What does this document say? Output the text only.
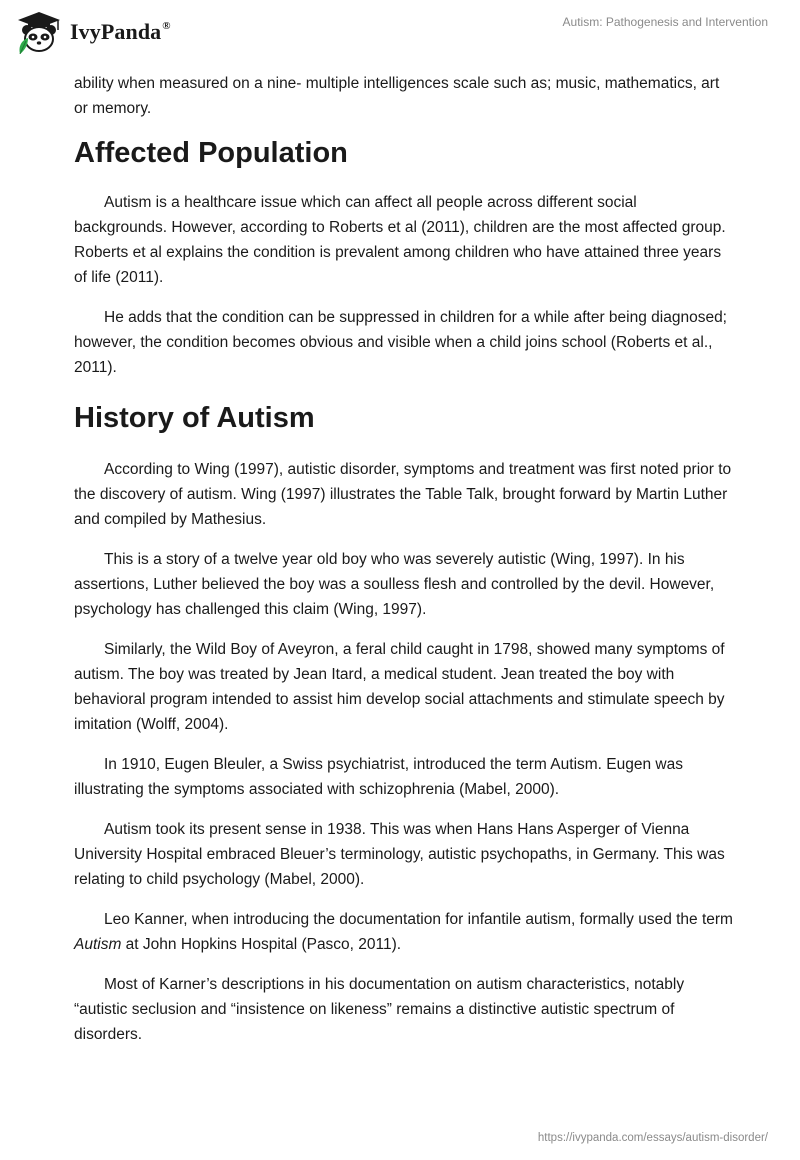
IvyPanda®	Autism: Pathogenesis and Intervention

ability when measured on a nine- multiple intelligences scale such as; music, mathematics, art or memory.

Affected Population

Autism is a healthcare issue which can affect all people across different social backgrounds. However, according to Roberts et al (2011), children are the most affected group. Roberts et al explains the condition is prevalent among children who have attained three years of life (2011).

He adds that the condition can be suppressed in children for a while after being diagnosed; however, the condition becomes obvious and visible when a child joins school (Roberts et al., 2011).

History of Autism

According to Wing (1997), autistic disorder, symptoms and treatment was first noted prior to the discovery of autism. Wing (1997) illustrates the Table Talk, brought forward by Martin Luther and compiled by Mathesius.

This is a story of a twelve year old boy who was severely autistic (Wing, 1997). In his assertions, Luther believed the boy was a soulless flesh and controlled by the devil. However, psychology has challenged this claim (Wing, 1997).

Similarly, the Wild Boy of Aveyron, a feral child caught in 1798, showed many symptoms of autism. The boy was treated by Jean Itard, a medical student. Jean treated the boy with behavioral program intended to assist him develop social attachments and stimulate speech by imitation (Wolff, 2004).

In 1910, Eugen Bleuler, a Swiss psychiatrist, introduced the term Autism. Eugen was illustrating the symptoms associated with schizophrenia (Mabel, 2000).

Autism took its present sense in 1938. This was when Hans Hans Asperger of Vienna University Hospital embraced Bleuer’s terminology, autistic psychopaths, in Germany. This was relating to child psychology (Mabel, 2000).

Leo Kanner, when introducing the documentation for infantile autism, formally used the term Autism at John Hopkins Hospital (Pasco, 2011).

Most of Karner’s descriptions in his documentation on autism characteristics, notably “autistic seclusion and “insistence on likeness” remains a distinctive autistic spectrum of disorders.

https://ivypanda.com/essays/autism-disorder/
